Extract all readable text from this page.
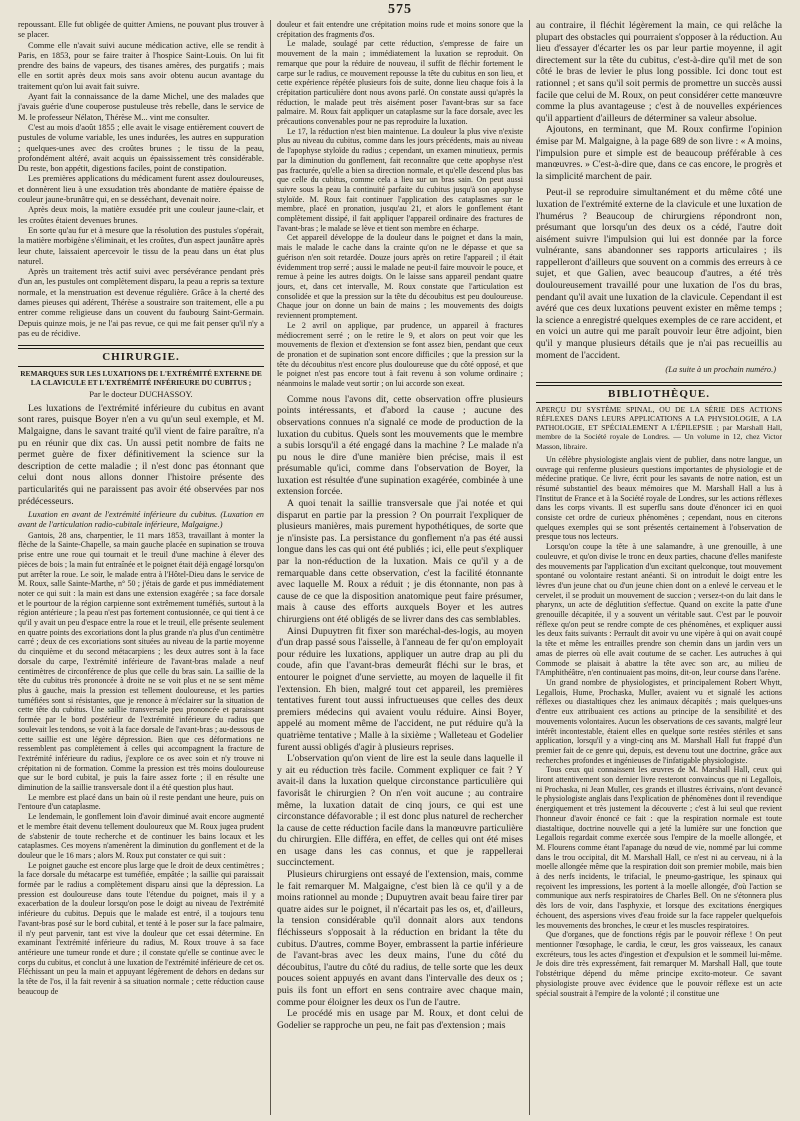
575

repoussant. Elle fut obligée de quitter Amiens, ne pouvant plus trouver à se placer.

Comme elle n'avait suivi aucune médication active, elle se rendit à Paris, en 1853, pour se faire traiter à l'hospice Saint-Louis. On lui fit prendre des bains de vapeurs, des tisanes amères, des purgatifs ; mais elle en sortit après deux mois sans avoir obtenu aucun avantage du traitement qu'on lui avait fait suivre.

Ayant fait la connaissance de la dame Michel, une des malades que j'avais guérie d'une couperose pustuleuse très rebelle, dans le service de M. le professeur Nélaton, Thérèse M... vint me consulter.

C'est au mois d'août 1855 ; elle avait le visage entièrement couvert de pustules de volume variable, les unes indurées, les autres en suppuration ; quelques-unes avec des croûtes brunes ; le tissu de la peau, profondément altéré, avait acquis un épaississement très considérable. Du reste, bon appétit, digestions faciles, point de constipation.

Les premières applications du médicament furent assez douloureuses, et donnèrent lieu à une exsudation très abondante de matière épaisse de couleur jaune-brunâtre qui, en se desséchant, devenait noire.

Après deux mois, la matière exsudée prit une couleur jaune-clair, et les croûtes étaient devenues brunes.

En sorte qu'au fur et à mesure que la résolution des pustules s'opérait, la matière morbigène s'éliminait, et les croûtes, d'un aspect jaunâtre après leur chute, laissaient apercevoir le tissu de la peau dans un état plus naturel.

Après un traitement très actif suivi avec persévérance pendant près d'un an, les pustules ont complètement disparu, la peau a repris sa texture normale, et la menstruation est devenue régulière. Grâce à la cherté des dames pieuses qui adérent, Thérèse a soustraire son traitement, elle a pu entrer comme religieuse dans un couvent du faubourg Saint-Germain. Depuis quinze mois, je ne l'ai pas revue, ce qui me fait penser qu'il n'y a pas eu de récidive.

CHIRURGIE.
REMARQUES SUR LES LUXATIONS DE L'EXTRÉMITÉ EXTERNE DE LA CLAVICULE ET L'EXTRÉMITÉ INFÉRIEURE DU CUBITUS ;
Par le docteur DUCHASSOY.

Les luxations de l'extrémité inférieure du cubitus en avant sont rares, puisque Boyer n'en a vu qu'un seul exemple, et M. Malgaigne, dans le savant traité qu'il vient de faire paraître, n'a pu en réunir que dix cas. Un aussi petit nombre de faits ne permet guère de fixer définitivement la science sur la description de cette maladie ; il n'est donc pas étonnant que celui dont nous allons donner l'histoire présente des particularités qui ne paraissent pas avoir été observées par nos prédécesseurs.

Luxation en avant de l'extrémité inférieure du cubitus. (Luxation en avant de l'articulation radio-cubitale inférieure, Malgaigne.)

Gantois, 28 ans, charpentier, le 11 mars 1853, travaillant à monter la flèche de la Sainte-Chapelle, sa main gauche placée en supination se trouva prise entre une roue qui tournait et le treuil d'une machine à élever des pièces de bois ; la main fut entraînée et le poignet était déjà engagé lorsqu'on put arrêter la roue. Le soir, le malade entra à l'Hôtel-Dieu dans le service de M. Roux, salle Sainte-Marthe, n° 50 ; j'étais de garde et pus immédiatement noter ce qui suit : la main est dans une extension exagérée ; sa face dorsale et le pourtour de la région carpienne sont extrêmement tuméfiés, surtout à la région antérieure ; la peau n'est pas fortement contusionnée, ce qui tient à ce qu'il y avait un peu d'espace entre la roue et le treuil, elle présente seulement en quatre points des excoriations dont la plus grande n'a plus d'un centimètre carré ; deux de ces excoriations sont situées au niveau de la partie moyenne du cinquième et du second métacarpiens ; les deux autres sont à la face dorsale du carpe, l'extrémité inférieure de l'avant-bras malade a neuf centimètres de circonférence de plus que celle du bras sain. La saillie de la tête du cubitus très prononcée à droite ne se voit plus et ne se sent même plus à gauche, mais la pression est tellement douloureuse, et les parties tuméfiées sont si résistantes, que je renonce à m'éclairer sur la situation de cette tête du cubitus. Une saillie transversale peu prononcée et paraissant formée par le bord postérieur de l'extrémité inférieure du radius que soulevait les tendons, se voit à la face dorsale de l'avant-bras ; au-dessous de cette saillie est une légère dépression. Bien que ces déformations ne ressemblent pas complètement à celles qui accompagnent la fracture de l'extrémité inférieure du radius, j'explore ce os avec soin et n'y trouve ni crépitation ni de formation. Comme la pression est très moins douloureuse que sur le bord cubital, je puis la faire assez forte ; il en résulte une diminution de la saillie transversale dont il a été question plus haut.

Le membre est placé dans un bain où il reste pendant une heure, puis on l'entoure d'un cataplasme.

Le lendemain, le gonflement loin d'avoir diminué avait encore augmenté et le membre était devenu tellement douloureux que M. Roux jugea prudent de s'abstenir de toute recherche et de continuer les bains locaux et les cataplasmes. Ces moyens n'amenèrent la diminution du gonflement et de la douleur que le 16 mars ; alors M. Roux put constater ce qui suit :

Le poignet gauche est encore plus large que le droit de deux centimètres ; la face dorsale du métacarpe est tuméfiée, empâtée ; la saillie qui paraissait formée par le radius a complètement disparu ainsi que la dépression. La pression est douloureuse dans toute l'étendue du poignet, mais il y a exacerbation de la douleur lorsqu'on pose le doigt au niveau de l'extrémité inférieure du cubitus. Depuis que le malade est entré, il a toujours tenu l'avant-bras posé sur le bord cubital, et tenté à le poser sur la face palmaire, il n'y peut parvenir, tant est vive la douleur que cet essai détermine. En examinant l'extrémité inférieure du radius, M. Roux trouve à sa face antérieure une tumeur ronde et dure ; il constate qu'elle se continue avec le corps du cubitus, et conclut à une luxation de l'extrémité inférieure de cet os. Fléchissant un peu la main et appuyant légèrement de dehors en dedans sur la tête de l'os, il la fait revenir à sa situation normale ; cette réduction cause beaucoup de

douleur et fait entendre une crépitation moins rude et moins sonore que la crépitation des fragments d'os.

Le malade, soulagé par cette réduction, s'empresse de faire un mouvement de la main ; immédiatement la luxation se reproduit. On remarque que pour la réduire de nouveau, il suffit de fléchir fortement le carpe sur le radius, ce mouvement repousse la tête du cubitus en son lieu, et cette expérience répétée plusieurs fois de suite, donne lieu chaque fois à la crépitation particulière dont nous avons parlé. On constate aussi qu'après la réduction, le malade peut très aisément poser l'avant-bras sur sa face palmaire. M. Roux fait appliquer un cataplasme sur la face dorsale, avec les précautions convenables pour ne pas reproduire la luxation.

Le 17, la réduction n'est bien maintenue. La douleur la plus vive n'existe plus au niveau du cubitus, comme dans les jours précédents, mais au niveau de l'apophyse styloïde du radius ; cependant, un examen minutieux, permis par la diminution du gonflement, fait reconnaître que cette apophyse n'est pas fracturée, qu'elle a bien sa direction normale, et qu'elle descend plus bas que celle du cubitus, comme cela a lieu sur un bras sain. On peut aussi suivre sous la peau la continuité parfaite du cubitus jusqu'à son apophyse styloïde. M. Roux fait continuer l'application des cataplasmes sur le membre, placé en pronation, jusqu'au 21, et alors le gonflement étant complètement dissipé, il fait appliquer l'appareil ordinaire des fractures de l'avant-bras ; le malade se lève et tient son membre en écharpe.

Cet appareil développe de la douleur dans le poignet et dans la main, mais le malade le cache dans la crainte qu'on ne le dépasse et que sa guérison n'en soit retardée. Douze jours après on retire l'appareil ; il était évidemment trop serré ; aussi le malade ne peut-il faire mouvoir le pouce, et remue à peine les autres doigts. On le laisse sans appareil pendant quatre jours, et, dans cet intervalle, M. Roux constate que l'articulation est consolidée et que la pression sur la tête du découbitus est peu douloureuse. Chaque jour on donne un bain de mains ; les mouvements des doigts reviennent promptement.

Le 2 avril on applique, par prudence, un appareil à fractures médiocrement serré ; on le retire le 9, et alors on peut voir que les mouvements de flexion et d'extension se font assez bien, pendant que ceux de pronation et de supination sont encore difficiles ; que la pression sur la tête du découbitus n'est encore plus douloureuse que du côté opposé, et que le poignet n'est pas encore tout à fait revenu à son volume ordinaire ; néanmoins le malade veut sortir ; on lui accorde son exeat.

Comme nous l'avons dit, cette observation offre plusieurs points intéressants, et d'abord la cause ; aucune des observations connues n'a signalé ce mode de production de la luxation du cubitus. Quels sont les mouvements que le membre a subis lorsqu'il a été engagé dans la machine ? Le malade n'a pu nous le dire d'une manière bien précise, mais il est présumable qu'ici, comme dans l'observation de Boyer, la luxation est résultée d'une supination exagérée, combinée à une extension forcée.

A quoi tenait la saillie transversale que j'ai notée et qui disparut en partie par la pression ? On pourrait l'expliquer de plusieurs manières, mais purement hypothétiques, de sorte que je n'insiste pas. La persistance du gonflement n'a pas été aussi longue dans les cas qui ont été publiés ; ici, elle peut s'expliquer par la non-réduction de la luxation. Mais ce qu'il y a de remarquable dans cette observation, c'est la facilité étonnante avec laquelle M. Roux a réduit ; je dis étonnante, non pas à cause de ce que la disposition anatomique peut faire présumer, mais à cause des efforts auxquels Boyer et les autres chirurgiens ont été obligés de se livrer dans des cas semblables.

Ainsi Dupuytren fit fixer son maréchal-des-logis, au moyen d'un drap passé sous l'aisselle, à l'anneau de fer qu'on employait pour réduire les luxations, appliquer un autre drap au pli du coude, afin que l'avant-bras demeurât fléchi sur le bras, et entourer le poignet d'une serviette, au moyen de laquelle il fit l'extension. Eh bien, malgré tout cet appareil, les premières tentatives furent tout aussi infructueuses que celles des deux premiers médecins qui avaient voulu réduire. Ainsi Boyer, appelé au moment même de l'accident, ne put réduire qu'à la quatrième tentative ; Malle à la sixième ; Walleteau et Godelier furent aussi obligés d'agir à plusieurs reprises.

L'observation qu'on vient de lire est la seule dans laquelle il y ait eu réduction très facile. Comment expliquer ce fait ? Y avait-il dans la luxation quelque circonstance particulière qui favorisât le chirurgien ? On n'en voit aucune ; au contraire même, la luxation datait de cinq jours, ce qui est une circonstance défavorable ; il est donc plus naturel de rechercher la cause de cette réduction facile dans la manœuvre particulière du chirurgien. Elle différa, en effet, de celles qui ont été mises en usage dans les cas connus, et que je rappellerai succinctement.

Plusieurs chirurgiens ont essayé de l'extension, mais, comme le fait remarquer M. Malgaigne, c'est bien là ce qu'il y a de moins rationnel au monde ; Dupuytren avait beau faire tirer par quatre aides sur le poignet, il n'écartait pas les os, et, d'ailleurs, la tension considérable qu'il donnait alors aux tendons fléchisseurs s'opposait à la réduction en bridant la tête du cubitus. D'autres, comme Boyer, embrassent la partie inférieure de l'avant-bras avec les deux mains, l'une du côté du découbitus, l'autre du côté du radius, de telle sorte que les deux pouces soient appuyés en avant dans l'intervalle des deux os ; puis ils font un effort en sens contraire avec chaque main, comme pour éloigner les deux os l'un de l'autre.

Le procédé mis en usage par M. Roux, et dont celui de Godelier se rapproche un peu, ne fait pas d'extension ; mais

au contraire, il fléchit légèrement la main, ce qui relâche la plupart des obstacles qui pourraient s'opposer à la réduction. Au lieu d'essayer d'écarter les os par leur partie moyenne, il agit directement sur la tête du cubitus, c'est-à-dire qu'il met de son côté le bras de levier le plus long possible. Ici donc tout est rationnel ; et sans qu'il soit permis de promettre un succès aussi facile que celui de M. Roux, on peut considérer cette manœuvre comme la plus avantageuse ; c'est à de nouvelles expériences qu'il appartient d'ailleurs de déterminer sa valeur absolue.

Ajoutons, en terminant, que M. Roux confirme l'opinion émise par M. Malgaigne, à la page 689 de son livre : « A moins, l'impulsion pure et simple est de beaucoup préférable à ces manœuvres. » C'est-à-dire que, dans ce cas encore, le progrès et la simplicité marchent de pair.

Peut-il se reproduire simultanément et du même côté une luxation de l'extrémité externe de la clavicule et une luxation de l'humérus ? Beaucoup de chirurgiens répondront non, présumant que lorsqu'un des deux os a cédé, l'autre doit aisément suivre l'impulsion qui lui est donnée par la force vulnérante, sans abandonner ses rapports articulaires ; ils rappelleront d'ailleurs que souvent on a commis des erreurs à ce sujet, et que Galien, avec beaucoup d'autres, a été très douloureusement travaillé pour une luxation de l'os du bras, pendant qu'il avait une luxation de la clavicule. Cependant il est avéré que ces deux luxations peuvent exister en même temps ; la science a enregistré quelques exemples de ce rare accident, et en voici un autre qui me paraît pouvoir leur être adjoint, bien qu'il y manque plusieurs détails que je n'ai pas recueillis au moment de l'accident.

(La suite à un prochain numéro.)
BIBLIOTHÈQUE.
APERÇU DU SYSTÈME SPINAL, OU DE LA SÉRIE DES ACTIONS RÉFLEXES DANS LEURS APPLICATIONS A LA PHYSIOLOGIE, A LA PATHOLOGIE, ET SPÉCIALEMENT A L'ÉPILEPSIE ; par Marshall Hall, membre de la Société royale de Londres. — Un volume in 12, chez Victor Masson, libraire.

Un célèbre physiologiste anglais vient de publier, dans notre langue, un ouvrage qui renferme plusieurs questions importantes de physiologie et de médecine pratique. Ce livre, écrit pour les savants de notre nation, est un résumé substantiel des beaux mémoires que M. Marshall Hall a lus à l'Institut de France et à la Société royale de Londres, sur les actions réflexes dans les corps vivants. Il est superflu sans doute d'énoncer ici en quoi consiste cet ordre de curieux phénomènes ; cependant, nous en citerons quelques exemples qui se sont présentés certainement à l'observation de presque tous nos lecteurs.

Lorsqu'on coupe la tête à une salamandre, à une grenouille, à une couleuvre, et qu'on divise le tronc en deux parties, chacune d'elles manifeste des mouvements par l'application d'un excitant quelconque, tout mouvement spontané ou volontaire restant anéanti. Si on introduit le doigt entre les lèvres d'un jeune chat ou d'un jeune chien dont on a enlevé le cerveau et le cervelet, il se produit un mouvement de succion ; versez-t-on du lait dans le pharynx, un acte de déglutition s'effectue. Quand on excite la patte d'une grenouille décapitée, il y a souvent un véritable saut. C'est par le pouvoir réflexe qu'on peut se rendre compte de ces phénomènes, et expliquer aussi les deux faits suivants : Perrault dit avoir vu une vipère à qui on avait coupé la tête et même les entrailles prendre son chemin dans un jardin vers un amas de pierres où elle avait coutume de se cacher. Les autruches à qui Commode se plaisait à abattre la tête avec son arc, au milieu de l'Amphithéâtre, n'en continuaient pas moins, dit-on, leur course dans l'arène.

Un grand nombre de physiologistes, et principalement Robert Whytt, Legallois, Hume, Prochaska, Muller, avaient vu et signalé les actions réflexes ou diastaltiques chez les animaux décapités ; mais quelques-uns d'entre eux attribuaient ces actions au principe de la sensibilité et des mouvements volontaires. Aucun les observations de ces savants, malgré leur intérêt incontestable, étaient elles en quelque sorte restées stériles et sans application, lorsqu'il y a vingt-cinq ans M. Marshall Hall fut frappé d'un premier fait de ce genre qui, depuis, est devenu tout une doctrine, grâce aux recherches profondes et ingénieuses de l'infatigable physiologiste.

Tous ceux qui connaissent les œuvres de M. Marshall Hall, ceux qui liront attentivement son dernier livre resteront convaincus que ni Legallois, ni Prochaska, ni Jean Muller, ces grands et illustres écrivains, n'ont devancé le physiologiste anglais dans l'explication de phénomènes dont il revendique énergiquement et très justement la découverte ; c'est à lui seul que revient l'honneur d'avoir énoncé ce fait : que la respiration normale est toute diastaltique, doctrine nouvelle qui a jeté la lumière sur une fonction que Legallois regardait comme exercée sous l'empire de la moelle allongée, et M. Flourens comme étant l'apanage du nœud de vie, nommé par lui comme dans le trou occipital, dit M. Marshall Hall, ce n'est ni au cerveau, ni à la moelle allongée même que la respiration doit son premier mobile, mais bien à des nerfs incidents, le trifacial, le pneumo-gastrique, les spinaux qui reçoivent les impressions, les portent à la moelle allongée, d'où l'action se communique aux nerfs respiratoires de Charles Bell. On ne s'étonnera plus dès lors de voir, dans l'asphyxie, et lorsque des excitations énergiques échouent, des aspersions vives d'eau froide sur la face rappeler quelquefois les mouvements des bronches, le cœur et les muscles respiratoires.

Que d'organes, que de fonctions régis par le pouvoir réflexe ! On peut mentionner l'œsophage, le cardia, le cœur, les gros vaisseaux, les canaux excréteurs, tous les actes d'ingestion et d'expulsion et le sommeil lui-même. Je dois dire très expressément, fait remarquer M. Marshall Hall, que toute l'obstétrique dépend du même principe excito-moteur. Ce savant physiologiste prouve avec évidence que le pouvoir réflexe est un acte spécial soustrait à l'empire de la volonté ; il constitue une
